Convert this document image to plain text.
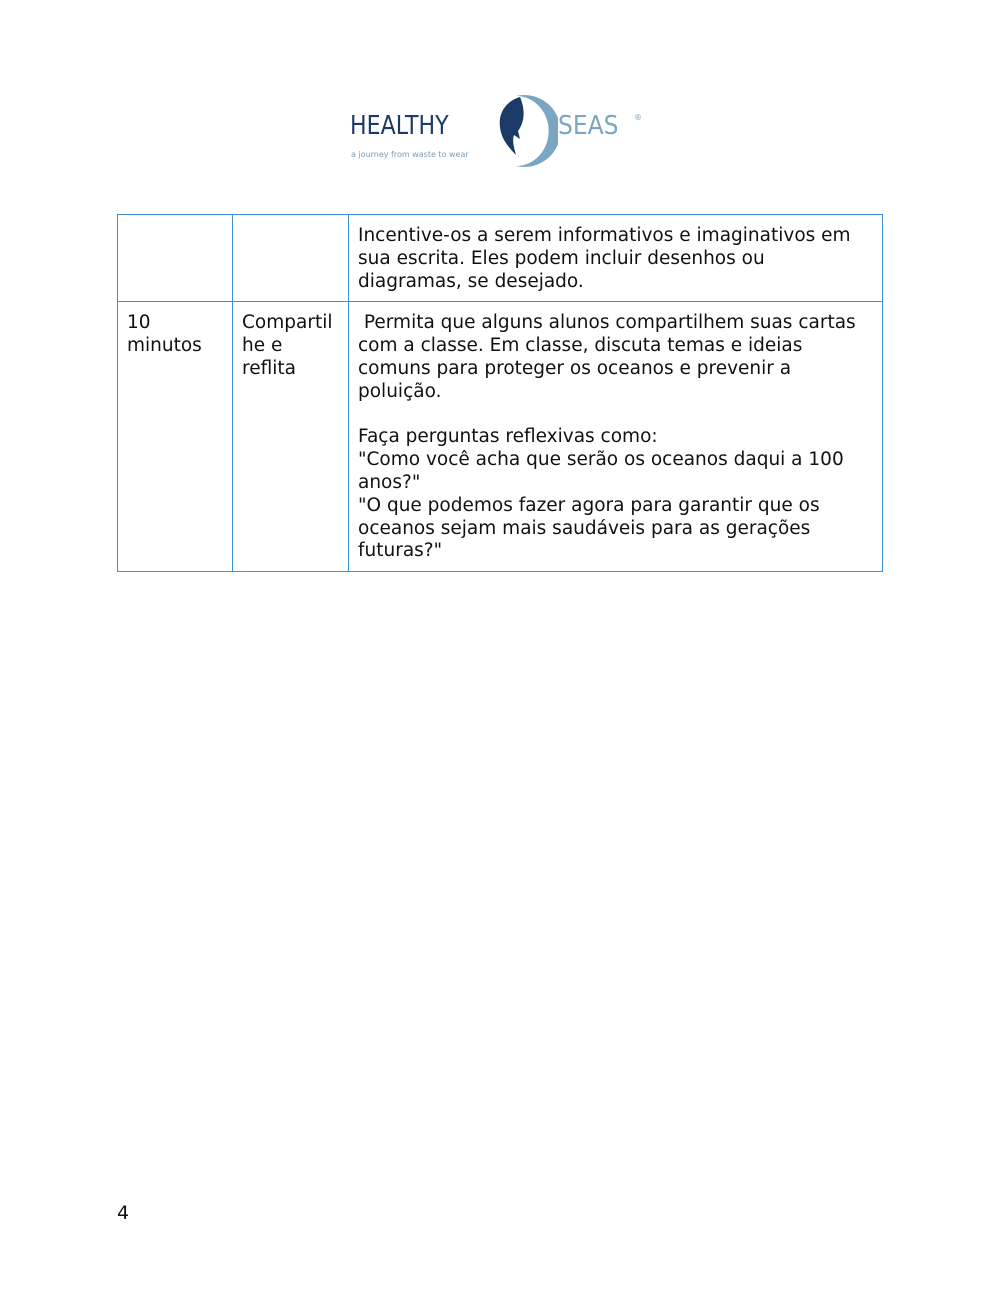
HEALTHY	SEAS	®
a journey from waste to wear

		Incentive-os a serem informativos e imaginativos em sua escrita. Eles podem incluir desenhos ou diagramas, se desejado.

10 minutos	Compartilhe e reflita	Permita que alguns alunos compartilhem suas cartas com a classe. Em classe, discuta temas e ideias comuns para proteger os oceanos e prevenir a poluição.
Faça perguntas reflexivas como:
"Como você acha que serão os oceanos daqui a 100 anos?"
"O que podemos fazer agora para garantir que os oceanos sejam mais saudáveis para as gerações futuras?"
4
